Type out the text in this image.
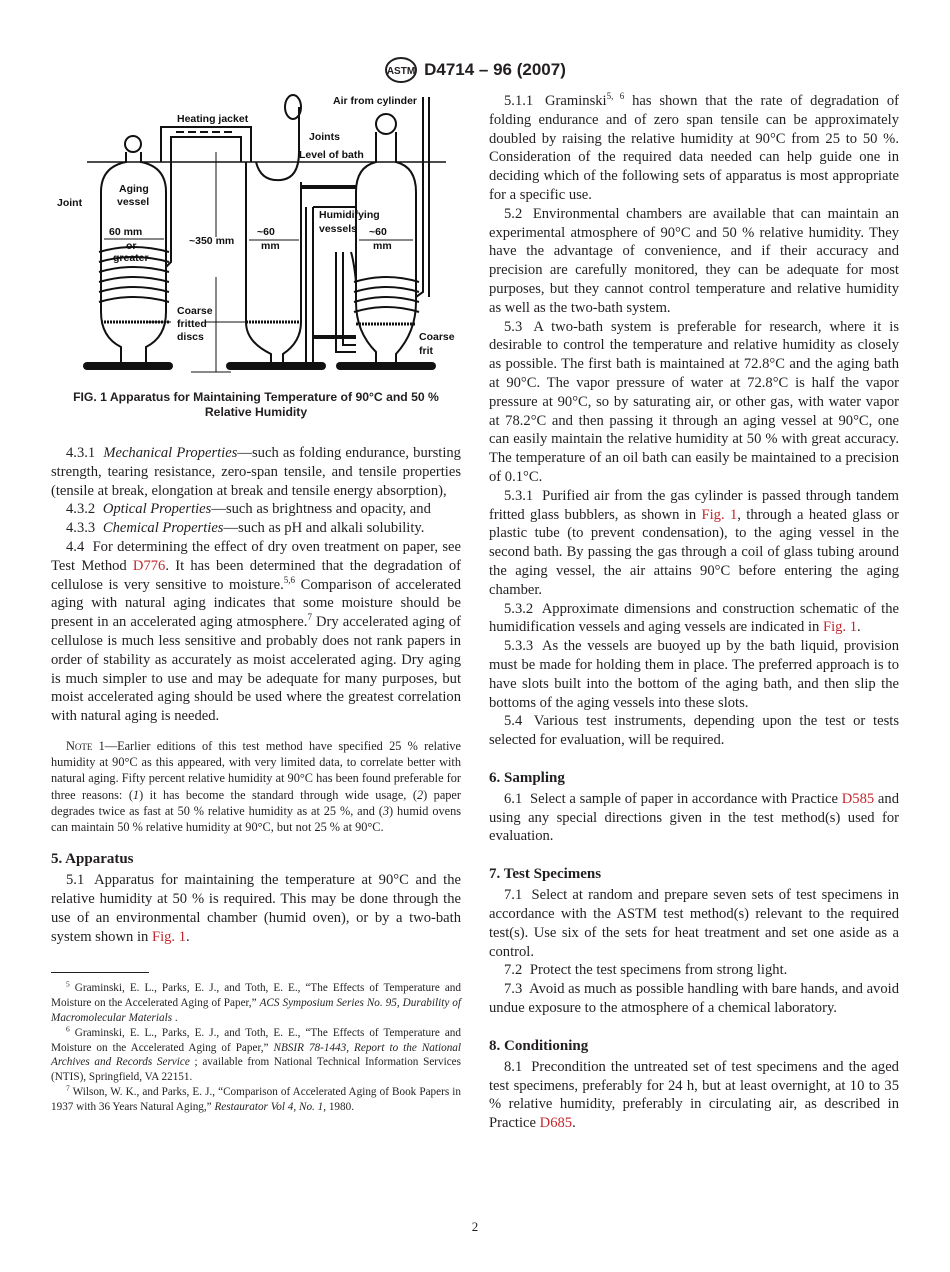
ASTM D4714 – 96 (2007)
Air from cylinder
Heating jacket
Joints
Level of bath
Aging
vessel
Joint
60 mm
or
greater
~350 mm
~60
mm
Humidifying
vessels ~60
mm
Coarse
fritted
discs	Coarse
frit
FIG. 1 Apparatus for Maintaining Temperature of 90°C and 50 %
Relative Humidity

4.3.1 Mechanical Properties—such as folding endurance, bursting strength, tearing resistance, zero-span tensile, and tensile properties (tensile at break, elongation at break and tensile energy absorption),

4.3.2 Optical Properties—such as brightness and opacity, and

4.3.3 Chemical Properties—such as pH and alkali solubility.

4.4 For determining the effect of dry oven treatment on paper, see Test Method D776. It has been determined that the degradation of cellulose is very sensitive to moisture.$^{5,6}$ Comparison of accelerated aging with natural aging indicates that some moisture should be present in an accelerated aging atmosphere.$^7$ Dry accelerated aging of cellulose is much less sensitive and probably does not rank papers in order of stability as accurately as moist accelerated aging. Dry aging is much simpler to use and may be adequate for many purposes, but moist accelerated aging should be used where the greatest correlation with natural aging is needed.

Note 1—Earlier editions of this test method have specified 25 % relative humidity at 90°C as this appeared, with very limited data, to correlate better with natural aging. Fifty percent relative humidity at 90°C has been found preferable for three reasons: (1) it has become the standard through wide usage, (2) paper degrades twice as fast at 50 % relative humidity as at 25 %, and (3) humid ovens can maintain 50 % relative humidity at 90°C, but not 25 % at 90°C.

5. Apparatus

5.1 Apparatus for maintaining the temperature at 90°C and the relative humidity at 50 % is required. This may be done through the use of an environmental chamber (humid oven), or by a two-bath system shown in Fig. 1.

$^5$ Graminski, E. L., Parks, E. J., and Toth, E. E., “The Effects of Temperature and Moisture on the Accelerated Aging of Paper,” ACS Symposium Series No. 95, Durability of Macromolecular Materials .

$^6$ Graminski, E. L., Parks, E. J., and Toth, E. E., “The Effects of Temperature and Moisture on the Accelerated Aging of Paper,” NBSIR 78-1443, Report to the National Archives and Records Service ; available from National Technical Information Services (NTIS), Springfield, VA 22151.

$^7$ Wilson, W. K., and Parks, E. J., “Comparison of Accelerated Aging of Book Papers in 1937 with 36 Years Natural Aging,” Restaurator Vol 4, No. 1, 1980.

5.1.1 Graminski$^{5, 6}$ has shown that the rate of degradation of folding endurance and of zero span tensile can be approximately doubled by raising the relative humidity at 90°C from 25 to 50 %. Consideration of the required data needed can help guide one in deciding which of the following sets of apparatus is most appropriate for a specific use.

5.2 Environmental chambers are available that can maintain an experimental atmosphere of 90°C and 50 % relative humidity. They have the advantage of convenience, and if their accuracy and precision are carefully monitored, they can be adequate for most purposes, but they cannot control temperature and relative humidity as well as the two-bath system.

5.3 A two-bath system is preferable for research, where it is desirable to control the temperature and relative humidity as closely as possible. The first bath is maintained at 72.8°C and the aging bath at 90°C. The vapor pressure of water at 72.8°C is half the vapor pressure at 90°C, so by saturating air, or other gas, with water vapor at 78.2°C and then passing it through an aging vessel at 90°C, one can easily maintain the relative humidity at 50 % with great accuracy. The temperature of an oil bath can easily be maintained to a precision of 0.1°C.

5.3.1 Purified air from the gas cylinder is passed through tandem fritted glass bubblers, as shown in Fig. 1, through a heated glass or plastic tube (to prevent condensation), to the aging vessel in the second bath. By passing the gas through a coil of glass tubing around the aging vessel, the air attains 90°C before entering the aging chamber.

5.3.2 Approximate dimensions and construction schematic of the humidification vessels and aging vessels are indicated in Fig. 1.

5.3.3 As the vessels are buoyed up by the bath liquid, provision must be made for holding them in place. The preferred approach is to have slots built into the bottom of the aging bath, and then slip the bottoms of the aging vessels into these slots.

5.4 Various test instruments, depending upon the test or tests selected for evaluation, will be required.

6. Sampling

6.1 Select a sample of paper in accordance with Practice D585 and using any special directions given in the test method(s) used for evaluation.

7. Test Specimens

7.1 Select at random and prepare seven sets of test specimens in accordance with the ASTM test method(s) relevant to the required test(s). Use six of the sets for heat treatment and set one aside as a control.

7.2 Protect the test specimens from strong light.

7.3 Avoid as much as possible handling with bare hands, and avoid undue exposure to the atmosphere of a chemical laboratory.

8. Conditioning

8.1 Precondition the untreated set of test specimens and the aged test specimens, preferably for 24 h, but at least overnight, at 10 to 35 % relative humidity, preferably in circulating air, as described in Practice D685.

2
